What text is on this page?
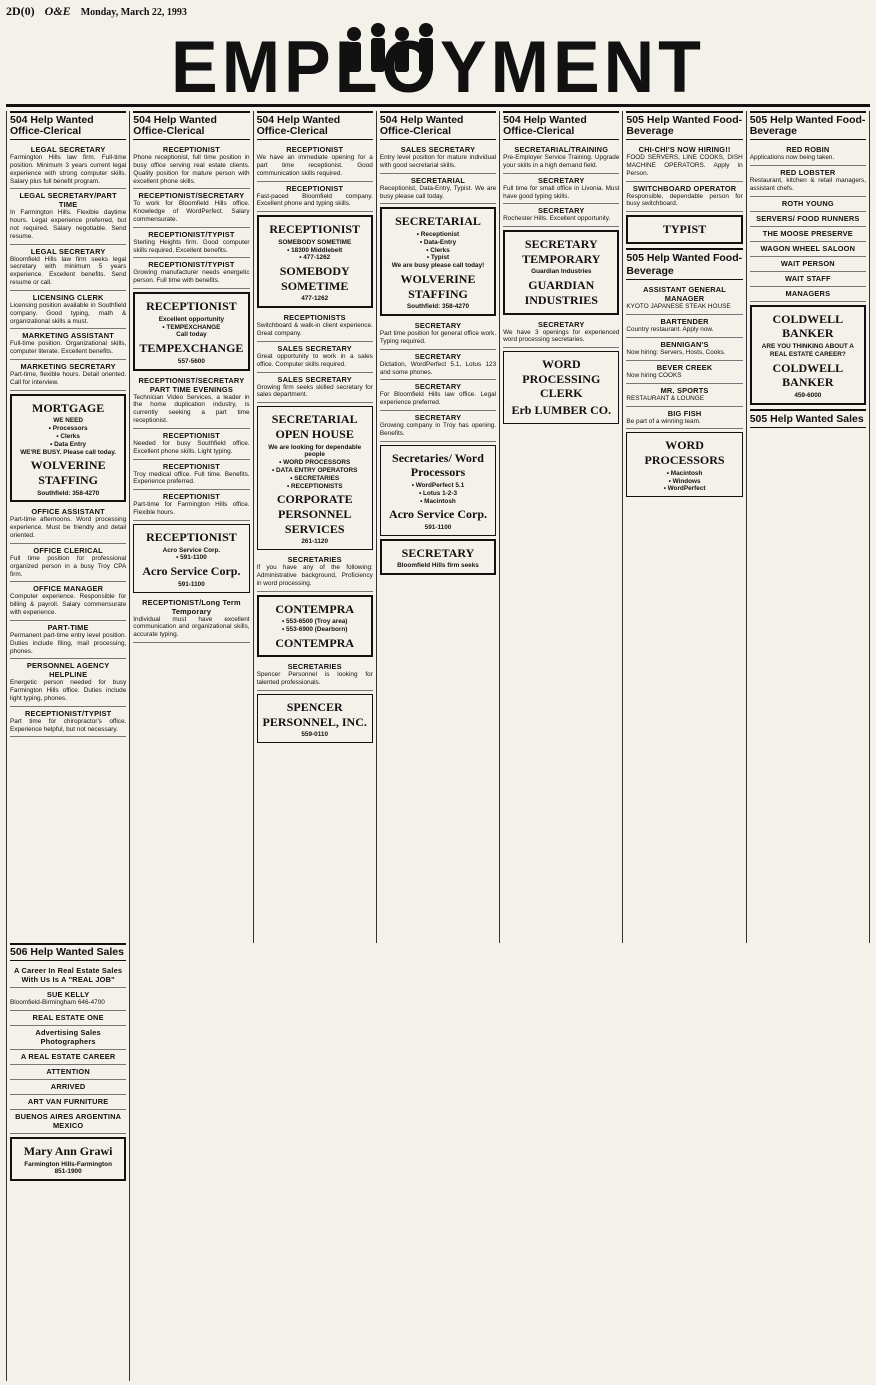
2D(0) O&E Monday, March 22, 1993
EMPLOYMENT
504 Help Wanted Office-Clerical
LEGAL SECRETARY
Farmington Hills law firm. Full-time position. Minimum 3 years current legal experience with strong computer skills. Salary plus full benefit program.
LEGAL SECRETARY/PART TIME
In Farmington Hills. Flexible daytime hours. Legal experience preferred, but not required. Salary negotiable. Send resume.
LEGAL SECRETARY
Bloomfield Hills law firm seeks legal secretary with minimum 5 years experience. Excellent benefits. Send resume or call.
LICENSING CLERK
Licensing position available in Southfield company. Good typing, math & organizational skills a must.
MARKETING ASSISTANT
Full-time position. Organizational skills, computer literate. Excellent benefits.
MARKETING SECRETARY
Part-time, flexible hours. Detail oriented. Call for interview.
MORTGAGE
WE NEED
• Processors
• Clerks
• Data Entry
WE'RE BUSY. Please call today.
WOLVERINE STAFFING
Southfield: 358-4270
OFFICE ASSISTANT
Part-time afternoons. Word processing experience. Must be friendly and detail oriented.
OFFICE CLERICAL
Full time position for professional organized person in a busy Troy CPA firm.
OFFICE MANAGER
Computer experience. Responsible for billing & payroll. Salary commensurate with experience.
PART-TIME
Permanent part-time entry level position. Duties include filing, mail processing, phones.
PERSONNEL AGENCY HELPLINE
Energetic person needed for busy Farmington Hills office. Duties include light typing, phones.
RECEPTIONIST/TYPIST
Part time for chiropractor's office. Experience helpful, but not necessary.
504 Help Wanted Office-Clerical
RECEPTIONIST
Phone receptionist, full time position in busy office serving real estate clients. Quality position for mature person with excellent phone skills.
RECEPTIONIST/SECRETARY
To work for Bloomfield Hills office. Knowledge of WordPerfect. Salary commensurate.
RECEPTIONIST/TYPIST
Sterling Heights firm. Good computer skills required. Excellent benefits.
RECEPTIONIST/TYPIST
Growing manufacturer needs energetic person. Full time with benefits.
RECEPTIONIST
Excellent opportunity
• TEMPEXCHANGE
Call today
TEMPEXCHANGE
557-5600
RECEPTIONIST/SECRETARY PART TIME EVENINGS
Technician Video Services, a leader in the home duplication industry, is currently seeking a part time receptionist.
RECEPTIONIST
Needed for busy Southfield office. Excellent phone skills. Light typing.
RECEPTIONIST
Troy medical office. Full time. Benefits. Experience preferred.
RECEPTIONIST
Part-time for Farmington Hills office. Flexible hours.
RECEPTIONIST
Acro Service Corp.
• 591-1100
Acro Service Corp.
591-1100
RECEPTIONIST/Long Term Temporary
Individual must have excellent communication and organizational skills, accurate typing.
504 Help Wanted Office-Clerical
RECEPTIONIST
We have an immediate opening for a part time receptionist. Good communication skills required.
RECEPTIONIST
Fast-paced Bloomfield company. Excellent phone and typing skills.
RECEPTIONIST
SOMEBODY SOMETIME
• 18300 Middlebelt
• 477-1262
SOMEBODY SOMETIME
477-1262
RECEPTIONISTS
Switchboard & walk-in client experience. Great company.
SALES SECRETARY
Great opportunity to work in a sales office. Computer skills required.
SALES SECRETARY
Growing firm seeks skilled secretary for sales department.
SECRETARIAL OPEN HOUSE
We are looking for dependable people
• WORD PROCESSORS
• DATA ENTRY OPERATORS
• SECRETARIES
• RECEPTIONISTS
CORPORATE PERSONNEL SERVICES
261-1120
SECRETARIES
If you have any of the following: Administrative background, Proficiency in word processing.
CONTEMPRA
• 553-6500 (Troy area)
• 553-6900 (Dearborn)
CONTEMPRA
SECRETARIES
Spencer Personnel is looking for talented professionals.
SPENCER PERSONNEL, INC.
559-0110
504 Help Wanted Office-Clerical
SALES SECRETARY
Entry level position for mature individual with good secretarial skills.
SECRETARIAL
Receptionist, Data-Entry, Typist. We are busy please call today.
SECRETARIAL
• Receptionist
• Data-Entry
• Clerks
• Typist
We are busy please call today!
WOLVERINE STAFFING
Southfield: 358-4270
SECRETARY
Part time position for general office work. Typing required.
SECRETARY
Dictation, WordPerfect 5.1, Lotus 123 and some phones.
SECRETARY
For Bloomfield Hills law office. Legal experience preferred.
SECRETARY
Growing company in Troy has opening. Benefits.
Secretaries/ Word Processors
• WordPerfect 5.1
• Lotus 1-2-3
• Macintosh
Acro Service Corp.
591-1100
SECRETARY
Bloomfield Hills firm seeks
504 Help Wanted Office-Clerical
SECRETARIAL/TRAINING
Pre-Employer Service Training. Upgrade your skills in a high demand field.
SECRETARY
Full time for small office in Livonia. Must have good typing skills.
SECRETARY
Rochester Hills. Excellent opportunity.
SECRETARY TEMPORARY
Guardian Industries
GUARDIAN INDUSTRIES
SECRETARY
We have 3 openings for experienced word processing secretaries.
WORD PROCESSING CLERK
Erb LUMBER CO.
505 Help Wanted Food-Beverage
CHI-CHI'S NOW HIRING!!
FOOD SERVERS, LINE COOKS, DISH MACHINE OPERATORS. Apply in Person.
SWITCHBOARD OPERATOR
Responsible, dependable person for busy switchboard.
TYPIST
505 Help Wanted Food-Beverage
ASSISTANT GENERAL MANAGER
KYOTO JAPANESE STEAK HOUSE
BARTENDER
Country restaurant. Apply now.
BENNIGAN'S
Now hiring: Servers, Hosts, Cooks.
BEVER CREEK
Now hiring COOKS
MR. SPORTS
RESTAURANT & LOUNGE
BIG FISH
Be part of a winning team.
WORD PROCESSORS
• Macintosh
• Windows
• WordPerfect
505 Help Wanted Food-Beverage
RED ROBIN
Applications now being taken.
RED LOBSTER
Restaurant, kitchen & retail managers, assistant chefs.
ROTH YOUNG
SERVERS/ FOOD RUNNERS
THE MOOSE PRESERVE
WAGON WHEEL SALOON
WAIT PERSON
WAIT STAFF
MANAGERS
COLDWELL BANKER
ARE YOU THINKING ABOUT A REAL ESTATE CAREER?
COLDWELL BANKER
459-6000
505 Help Wanted Sales
506 Help Wanted Sales
A Career In Real Estate Sales With Us Is A "REAL JOB"
SUE KELLY
Bloomfield-Birmingham 646-4700
REAL ESTATE ONE
Advertising Sales Photographers
A REAL ESTATE CAREER
ATTENTION
ARRIVED
ART VAN FURNITURE
BUENOS AIRES ARGENTINA MEXICO
Mary Ann Grawi
Farmington Hills-Farmington
851-1900
